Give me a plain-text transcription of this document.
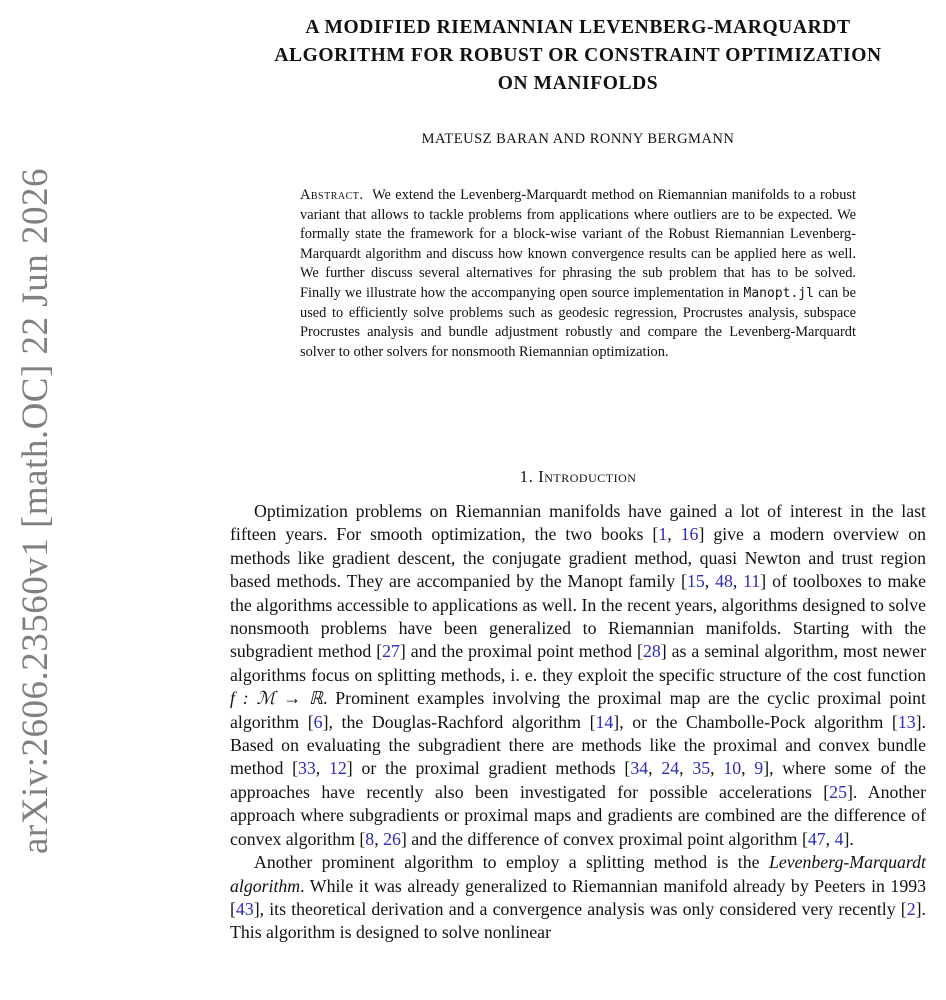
arXiv:2606.23560v1 [math.OC] 22 Jun 2026
A MODIFIED RIEMANNIAN LEVENBERG-MARQUARDT
ALGORITHM FOR ROBUST OR CONSTRAINT OPTIMIZATION
ON MANIFOLDS
MATEUSZ BARAN AND RONNY BERGMANN
Abstract. We extend the Levenberg-Marquardt method on Riemannian manifolds to a robust variant that allows to tackle problems from applications where outliers are to be expected. We formally state the framework for a block-wise variant of the Robust Riemannian Levenberg-Marquardt algorithm and discuss how known convergence results can be applied here as well. We further discuss several alternatives for phrasing the sub problem that has to be solved. Finally we illustrate how the accompanying open source implementation in Manopt.jl can be used to efficiently solve problems such as geodesic regression, Procrustes analysis, subspace Procrustes analysis and bundle adjustment robustly and compare the Levenberg-Marquardt solver to other solvers for nonsmooth Riemannian optimization.
1. Introduction

Optimization problems on Riemannian manifolds have gained a lot of interest in the last fifteen years. For smooth optimization, the two books [1, 16] give a modern overview on methods like gradient descent, the conjugate gradient method, quasi Newton and trust region based methods. They are accompanied by the Manopt family [15, 48, 11] of toolboxes to make the algorithms accessible to applications as well. In the recent years, algorithms designed to solve nonsmooth problems have been generalized to Riemannian manifolds. Starting with the subgradient method [27] and the proximal point method [28] as a seminal algorithm, most newer algorithms focus on splitting methods, i. e. they exploit the specific structure of the cost function f : ℳ → ℝ. Prominent examples involving the proximal map are the cyclic proximal point algorithm [6], the Douglas-Rachford algorithm [14], or the Chambolle-Pock algorithm [13]. Based on evaluating the subgradient there are methods like the proximal and convex bundle method [33, 12] or the proximal gradient methods [34, 24, 35, 10, 9], where some of the approaches have recently also been investigated for possible accelerations [25]. Another approach where subgradients or proximal maps and gradients are combined are the difference of convex algorithm [8, 26] and the difference of convex proximal point algorithm [47, 4].

Another prominent algorithm to employ a splitting method is the Levenberg-Marquardt algorithm. While it was already generalized to Riemannian manifold already by Peeters in 1993 [43], its theoretical derivation and a convergence analysis was only considered very recently [2]. This algorithm is designed to solve nonlinear
